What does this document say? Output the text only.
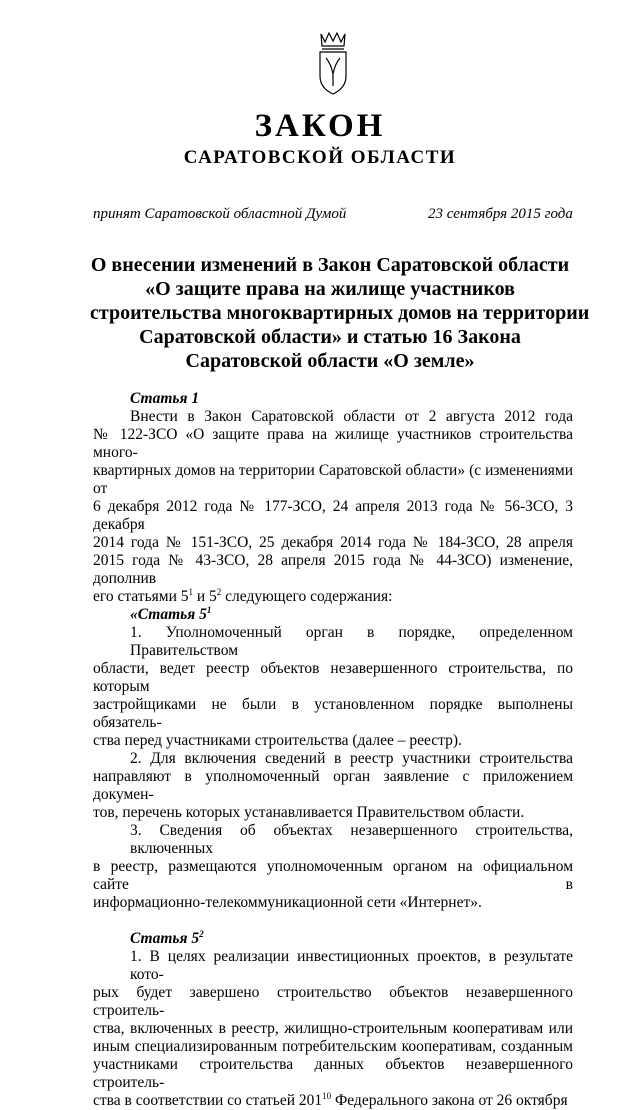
ЗАКОН
САРАТОВСКОЙ ОБЛАСТИ
принят Саратовской областной Думой	23 сентября 2015 года
О внесении изменений в Закон Саратовской области
«О защите права на жилище участников
строительства многоквартирных домов на территории
Саратовской области» и статью 16 Закона
Саратовской области «О земле»
Статья 1
Внести в Закон Саратовской области от 2 августа 2012 года
№ 122-ЗСО «О защите права на жилище участников строительства много-
квартирных домов на территории Саратовской области» (с изменениями от
6 декабря 2012 года № 177-ЗСО, 24 апреля 2013 года № 56-ЗСО, 3 декабря
2014 года № 151-ЗСО, 25 декабря 2014 года № 184-ЗСО, 28 апреля
2015 года № 43-ЗСО, 28 апреля 2015 года № 44-ЗСО) изменение, дополнив
его статьями $5^1$ и $5^2$ следующего содержания:
«Статья $5^1$
1. Уполномоченный орган в порядке, определенном Правительством
области, ведет реестр объектов незавершенного строительства, по которым
застройщиками не были в установленном порядке выполнены обязатель-
ства перед участниками строительства (далее – реестр).
2. Для включения сведений в реестр участники строительства
направляют в уполномоченный орган заявление с приложением докумен-
тов, перечень которых устанавливается Правительством области.
3. Сведения об объектах незавершенного строительства, включенных
в реестр, размещаются уполномоченным органом на официальном сайте в
информационно-телекоммуникационной сети «Интернет».
Статья $5^2$
1. В целях реализации инвестиционных проектов, в результате кото-
рых будет завершено строительство объектов незавершенного строитель-
ства, включенных в реестр, жилищно-строительным кооперативам или
иным специализированным потребительским кооперативам, созданным
участниками строительства данных объектов незавершенного строитель-
ства в соответствии со статьей $201^{10}$ Федерального закона от 26 октября
